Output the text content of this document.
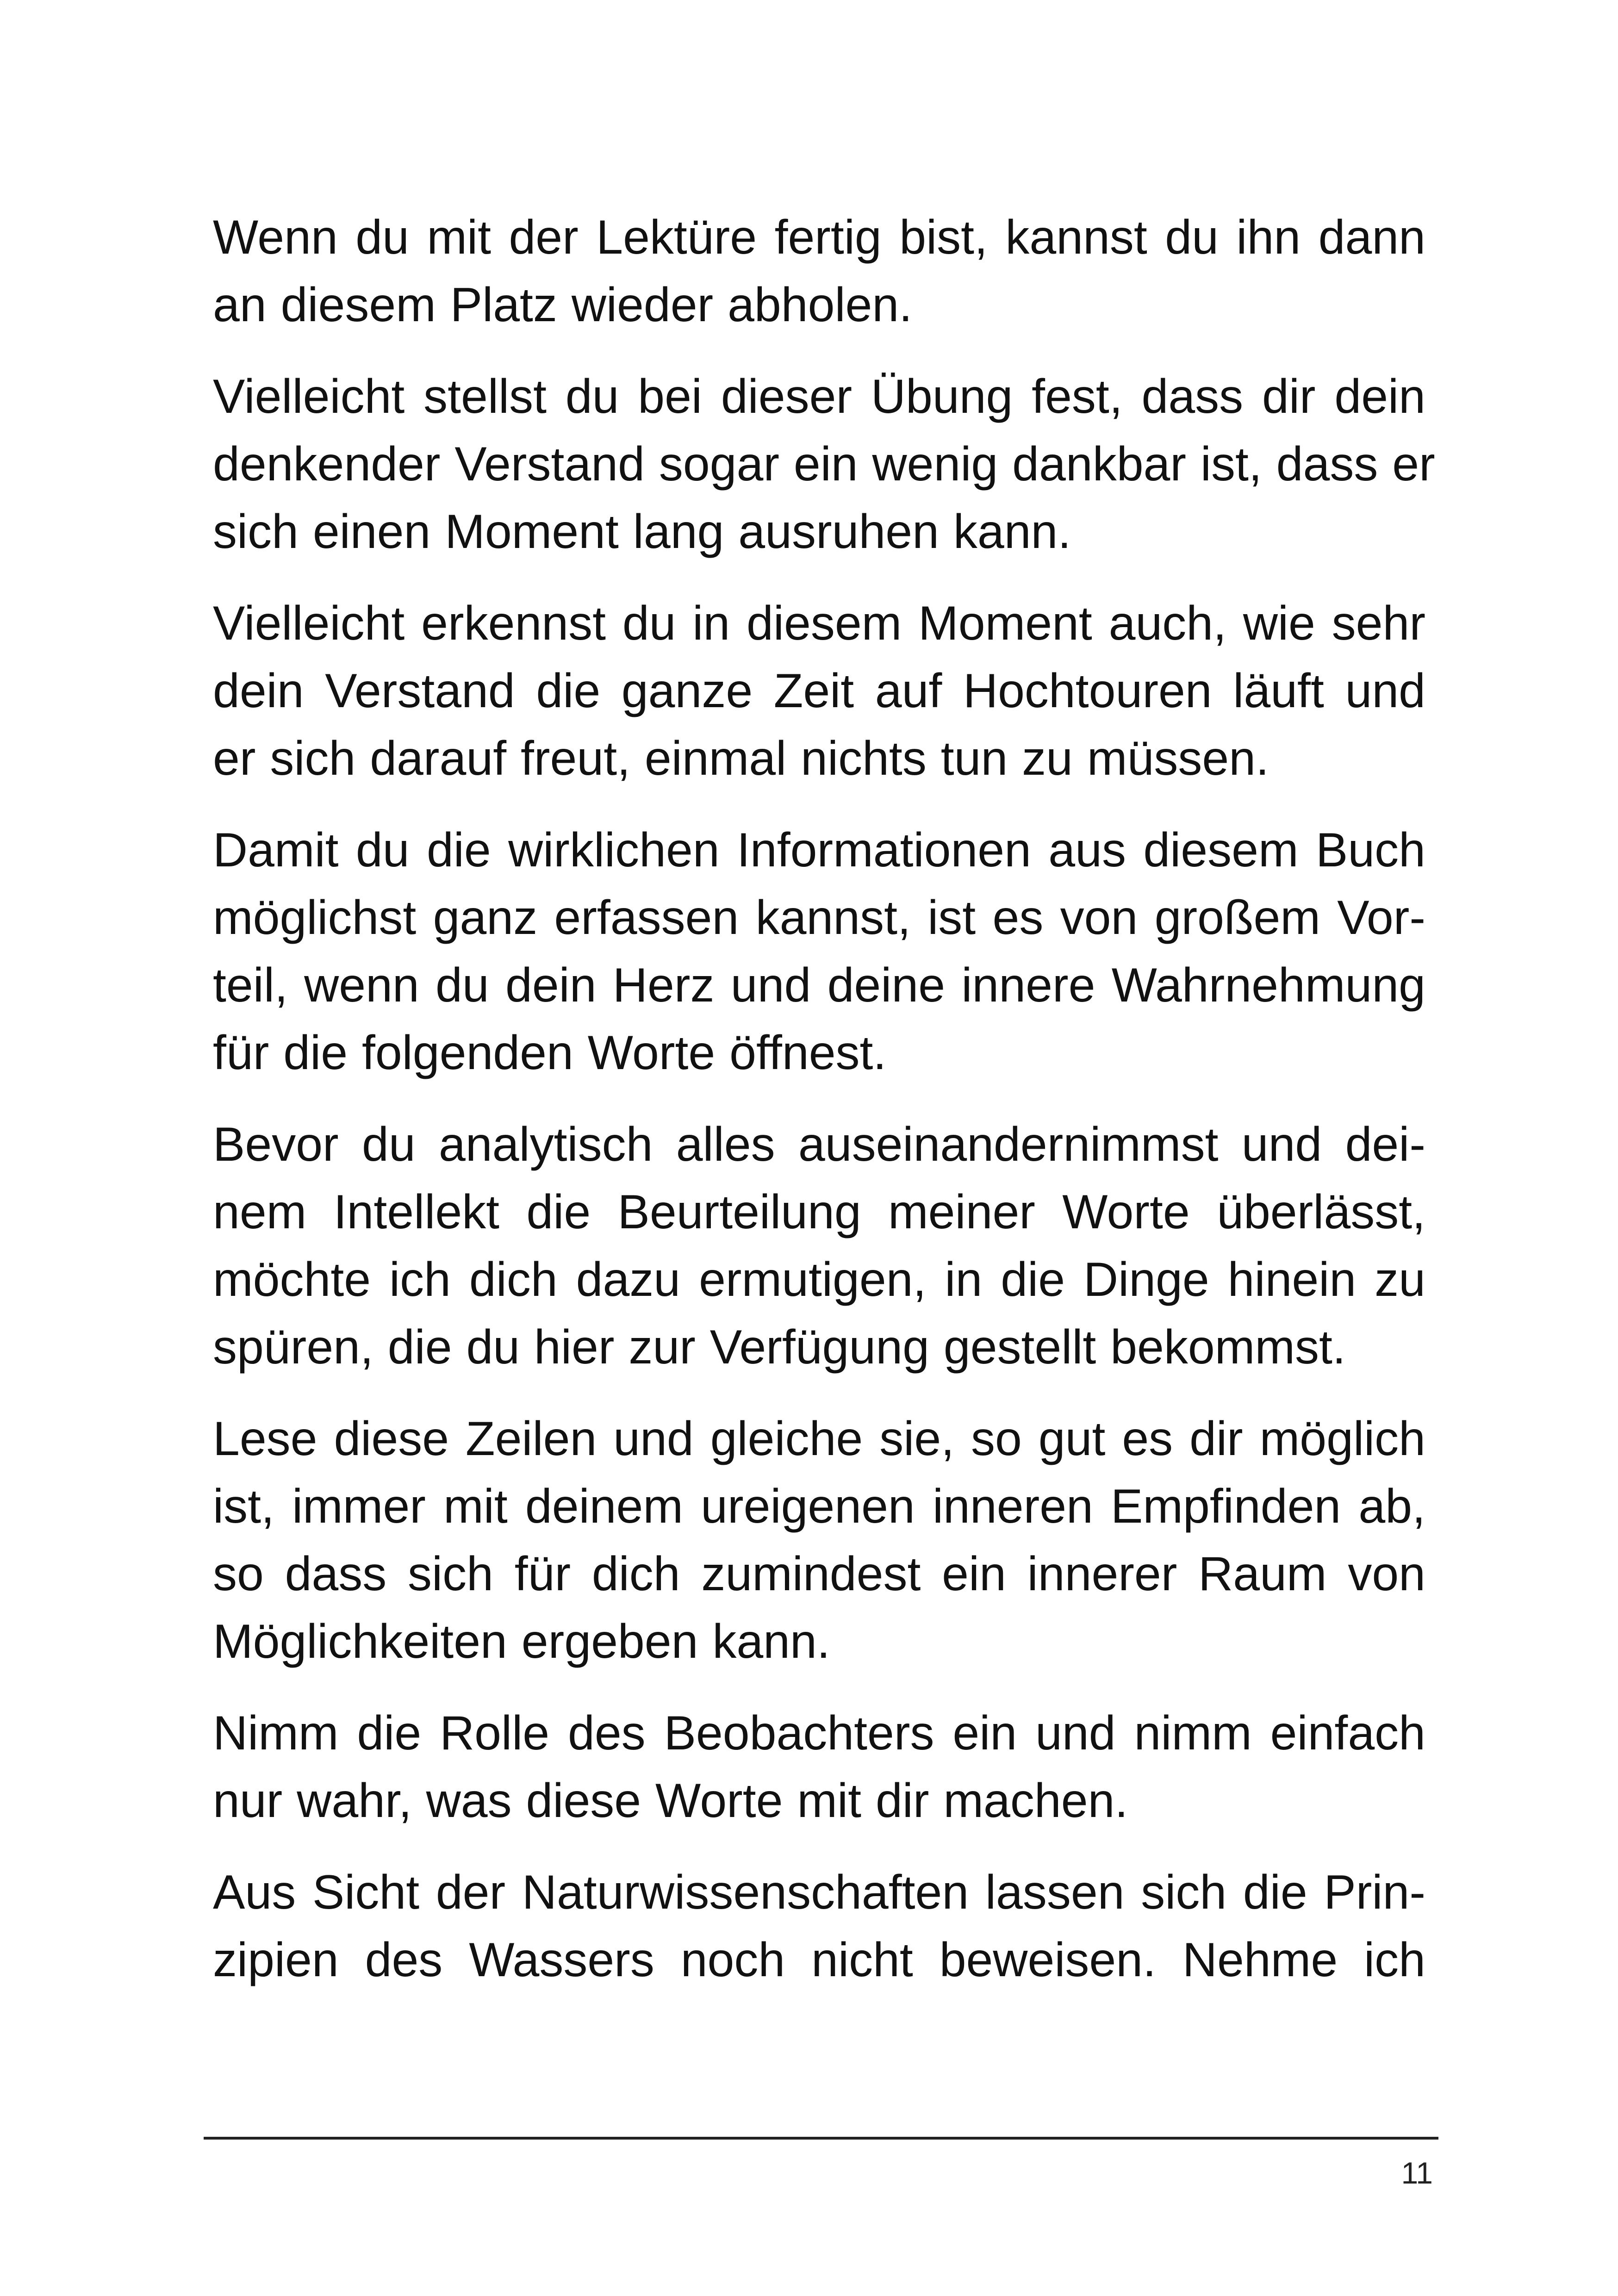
Wenn du mit der Lektüre fertig bist, kannst du ihn dann
an diesem Platz wieder abholen.

Vielleicht stellst du bei dieser Übung fest, dass dir dein
denkender Verstand sogar ein wenig dankbar ist, dass er
sich einen Moment lang ausruhen kann.

Vielleicht erkennst du in diesem Moment auch, wie sehr
dein Verstand die ganze Zeit auf Hochtouren läuft und
er sich darauf freut, einmal nichts tun zu müssen.

Damit du die wirklichen Informationen aus diesem Buch
möglichst ganz erfassen kannst, ist es von großem Vor-
teil, wenn du dein Herz und deine innere Wahrnehmung
für die folgenden Worte öffnest.

Bevor du analytisch alles auseinandernimmst und dei-
nem Intellekt die Beurteilung meiner Worte überlässt,
möchte ich dich dazu ermutigen, in die Dinge hinein zu
spüren, die du hier zur Verfügung gestellt bekommst.

Lese diese Zeilen und gleiche sie, so gut es dir möglich
ist, immer mit deinem ureigenen inneren Empfinden ab,
so dass sich für dich zumindest ein innerer Raum von
Möglichkeiten ergeben kann.

Nimm die Rolle des Beobachters ein und nimm einfach
nur wahr, was diese Worte mit dir machen.

Aus Sicht der Naturwissenschaften lassen sich die Prin-
zipien des Wassers noch nicht beweisen. Nehme ich

11
